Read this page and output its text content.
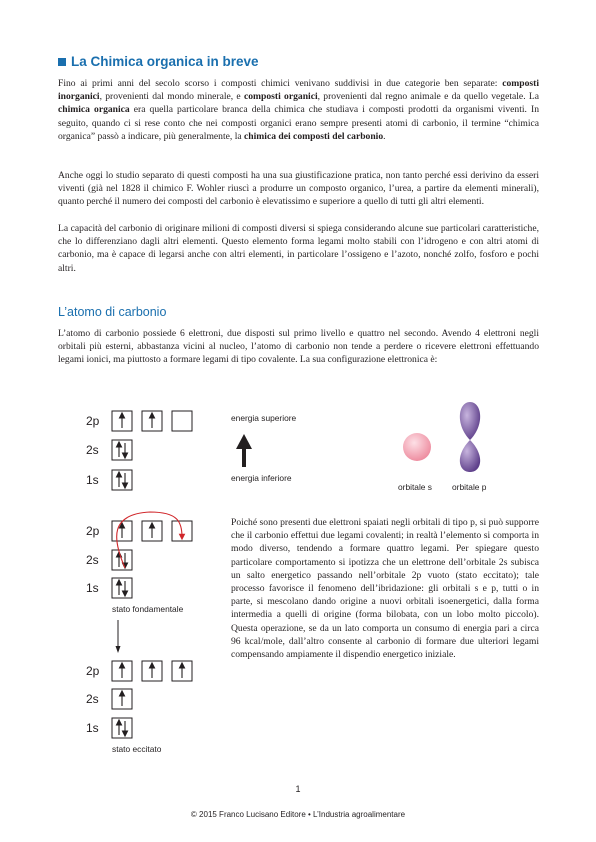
La Chimica organica in breve

Fino ai primi anni del secolo scorso i composti chimici venivano suddivisi in due categorie ben separate: composti inorganici, provenienti dal mondo minerale, e composti organici, provenienti dal regno animale e da quello vegetale. La chimica organica era quella particolare branca della chimica che studiava i composti prodotti da organismi viventi. In seguito, quando ci si rese conto che nei composti organici erano sempre presenti atomi di carbonio, il termine “chimica organica” passò a indicare, più generalmente, la chimica dei composti del carbonio.

Anche oggi lo studio separato di questi composti ha una sua giustificazione pratica, non tanto perché essi derivino da esseri viventi (già nel 1828 il chimico F. Wohler riuscì a produrre un composto organico, l’urea, a partire da elementi minerali), quanto perché il numero dei composti del carbonio è elevatissimo e superiore a quello di tutti gli altri elementi.

La capacità del carbonio di originare milioni di composti diversi si spiega considerando alcune sue particolari caratteristiche, che lo differenziano dagli altri elementi. Questo elemento forma legami molto stabili con l’idrogeno e con altri atomi di carbonio, ma è capace di legarsi anche con altri elementi, in particolare l’ossigeno e l’azoto, nonché zolfo, fosforo e pochi altri.

L’atomo di carbonio

L’atomo di carbonio possiede 6 elettroni, due disposti sul primo livello e quattro nel secondo. Avendo 4 elettroni negli orbitali più esterni, abbastanza vicini al nucleo, l’atomo di carbonio non tende a perdere o ricevere elettroni effettuando legami ionici, ma piuttosto a formare legami di tipo covalente. La sua configurazione elettronica è:

2p
2s
1s
2p
2s
1s
stato fondamentale
2p
2s
1s
stato eccitato
energia superiore
energia inferiore
orbitale s orbitale p

Poiché sono presenti due elettroni spaiati negli orbitali di tipo p, si può supporre che il carbonio effettui due legami covalenti; in realtà l’elemento si comporta in modo diverso, tendendo a formare quattro legami. Per spiegare questo particolare comportamento si ipotizza che un elettrone dell’orbitale 2s subisca un salto energetico passando nell’orbitale 2p vuoto (stato eccitato); tale processo favorisce il fenomeno dell’ibridazione: gli orbitali s e p, tutti o in parte, si mescolano dando origine a nuovi orbitali isoenergetici, dalla forma intermedia a quelli di origine (forma bilobata, con un lobo molto piccolo). Questa operazione, se da un lato comporta un consumo di energia pari a circa 96 kcal/mole, dall’altro consente al carbonio di formare due ulteriori legami compensando ampiamente il dispendio energetico iniziale.

1
© 2015 Franco Lucisano Editore • L’Industria agroalimentare
